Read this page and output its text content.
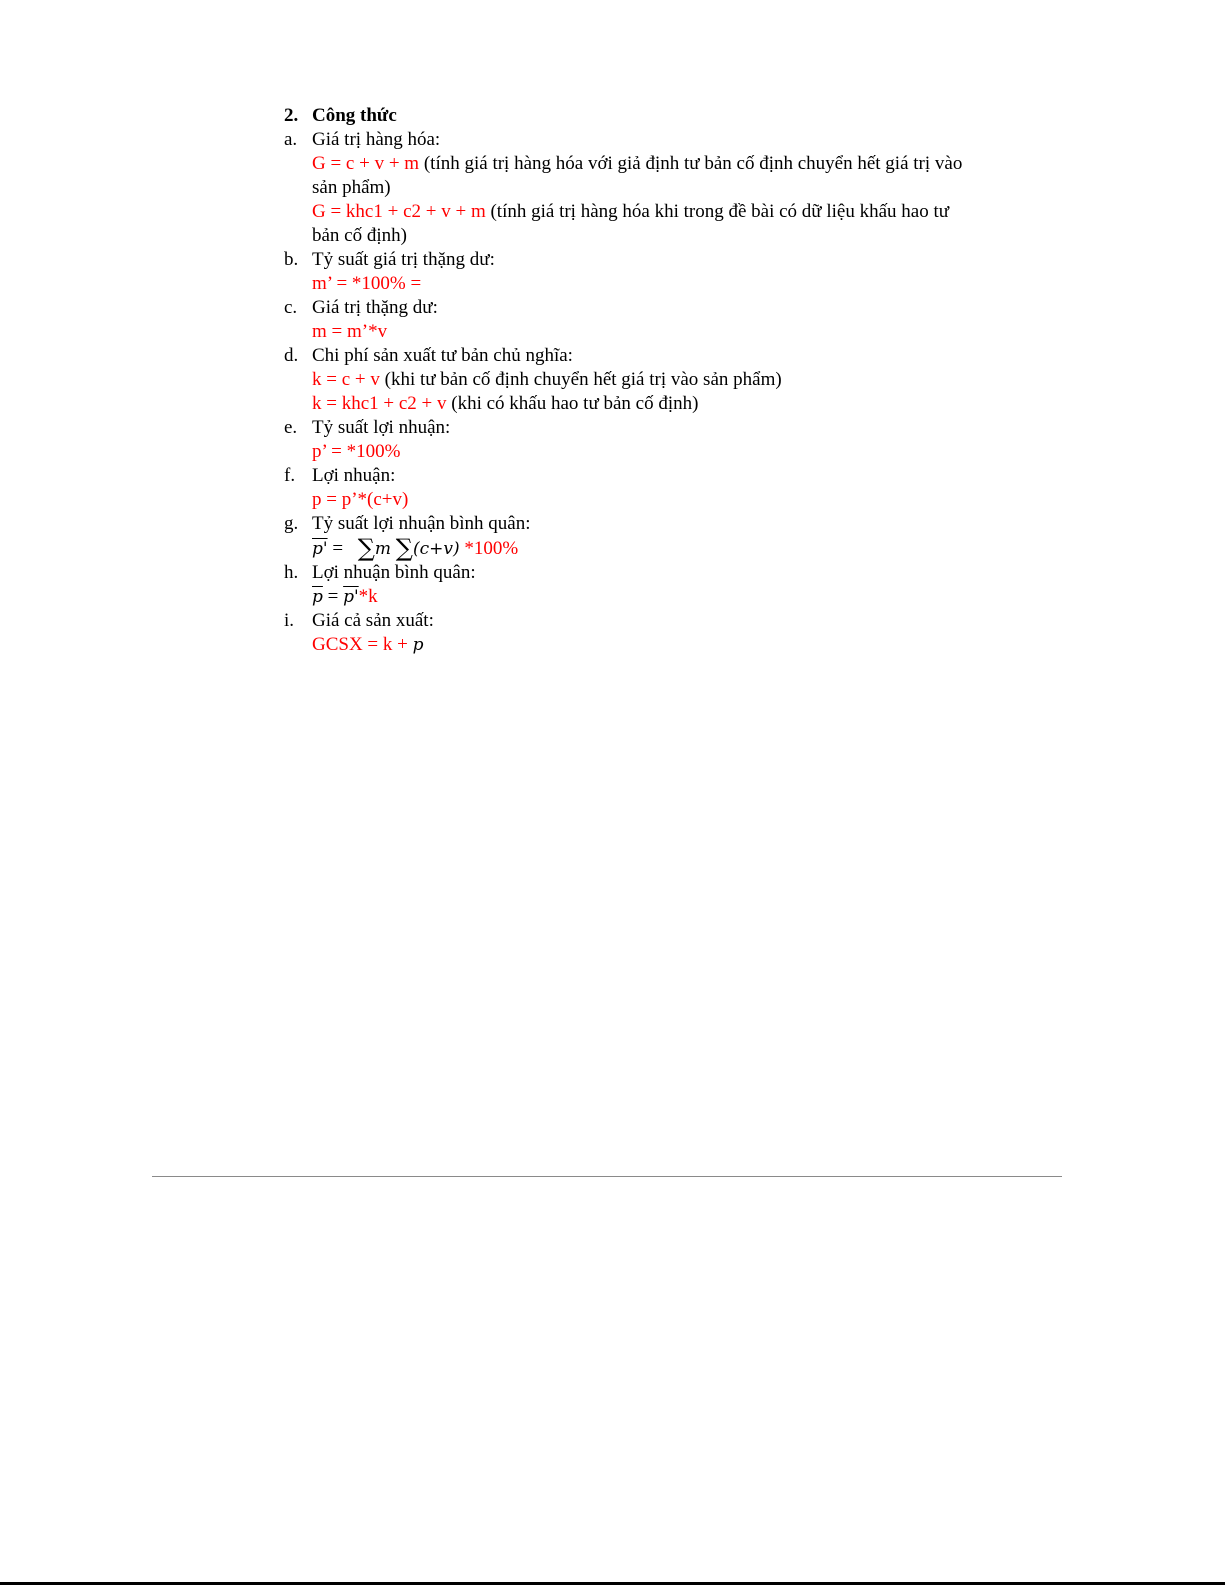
2. Công thức
a. Giá trị hàng hóa:
G = c + v + m (tính giá trị hàng hóa với giả định tư bản cố định chuyển hết giá trị vào sản phẩm)
G = khc1 + c2 + v + m (tính giá trị hàng hóa khi trong đề bài có dữ liệu khấu hao tư bản cố định)
b. Tỷ suất giá trị thặng dư:
m’ = *100% =
c. Giá trị thặng dư:
m = m’*v
d. Chi phí sản xuất tư bản chủ nghĩa:
k = c + v (khi tư bản cố định chuyển hết giá trị vào sản phẩm)
k = khc1 + c2 + v (khi có khấu hao tư bản cố định)
e. Tỷ suất lợi nhuận:
p’ = *100%
f. Lợi nhuận:
p = p’*(c+v)
g. Tỷ suất lợi nhuận bình quân:
p' = ∑m ∑(c+v) *100%
h. Lợi nhuận bình quân:
$\overline{p} = p'*k$
i. Giá cả sản xuất:
GCSX = k + p
